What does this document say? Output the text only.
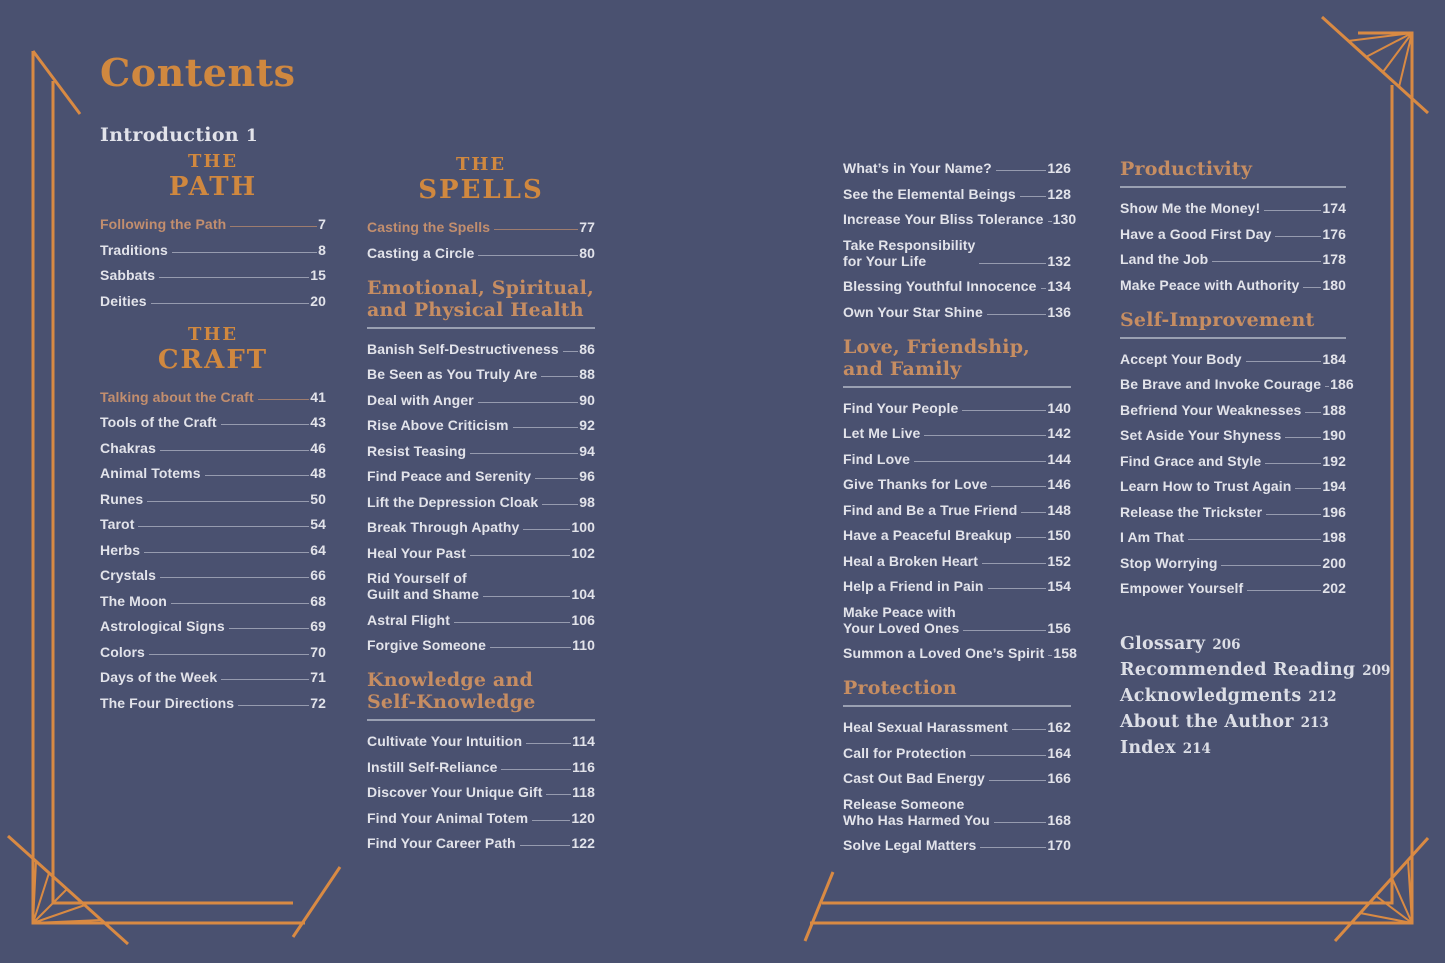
Contents
Introduction 1
THE
PATH
Following the Path	7
Traditions	8
Sabbats	15
Deities	20
THE
CRAFT
Talking about the Craft	41
Tools of the Craft	43
Chakras	46
Animal Totems	48
Runes	50
Tarot	54
Herbs	64
Crystals	66
The Moon	68
Astrological Signs	69
Colors	70
Days of the Week	71
The Four Directions	72
THE
SPELLS
Casting the Spells	77
Casting a Circle	80
Emotional, Spiritual,
and Physical Health
Banish Self-Destructiveness 86
Be Seen as You Truly Are	88
Deal with Anger	90
Rise Above Criticism	92
Resist Teasing	94
Find Peace and Serenity	96
Lift the Depression Cloak	98
Break Through Apathy	100
Heal Your Past	102
Rid Yourself of
Guilt and Shame	104
Astral Flight	106
Forgive Someone	110
Knowledge and
Self-Knowledge
Cultivate Your Intuition	114
Instill Self-Reliance	116
Discover Your Unique Gift 118
Find Your Animal Totem	120
Find Your Career Path	122
What’s in Your Name?	126
See the Elemental Beings 128
Increase Your Bliss Tolerance 130
Take Responsibility
for Your Life	132
Blessing Youthful Innocence 134
Own Your Star Shine	136
Love, Friendship,
and Family
Find Your People	140
Let Me Live	142
Find Love	144
Give Thanks for Love	146
Find and Be a True Friend 148
Have a Peaceful Breakup	150
Heal a Broken Heart	152
Help a Friend in Pain	154
Make Peace with
Your Loved Ones	156
Summon a Loved One’s Spirit 158
Protection
Heal Sexual Harassment	162
Call for Protection	164
Cast Out Bad Energy	166
Release Someone
Who Has Harmed You	168
Solve Legal Matters	170
Productivity
Show Me the Money!	174
Have a Good First Day	176
Land the Job	178
Make Peace with Authority 180
Self-Improvement
Accept Your Body	184
Be Brave and Invoke Courage 186
Befriend Your Weaknesses 188
Set Aside Your Shyness	190
Find Grace and Style	192
Learn How to Trust Again 194
Release the Trickster	196
I Am That	198
Stop Worrying	200
Empower Yourself	202
Glossary 206
Recommended Reading 209
Acknowledgments 212
About the Author 213
Index 214
